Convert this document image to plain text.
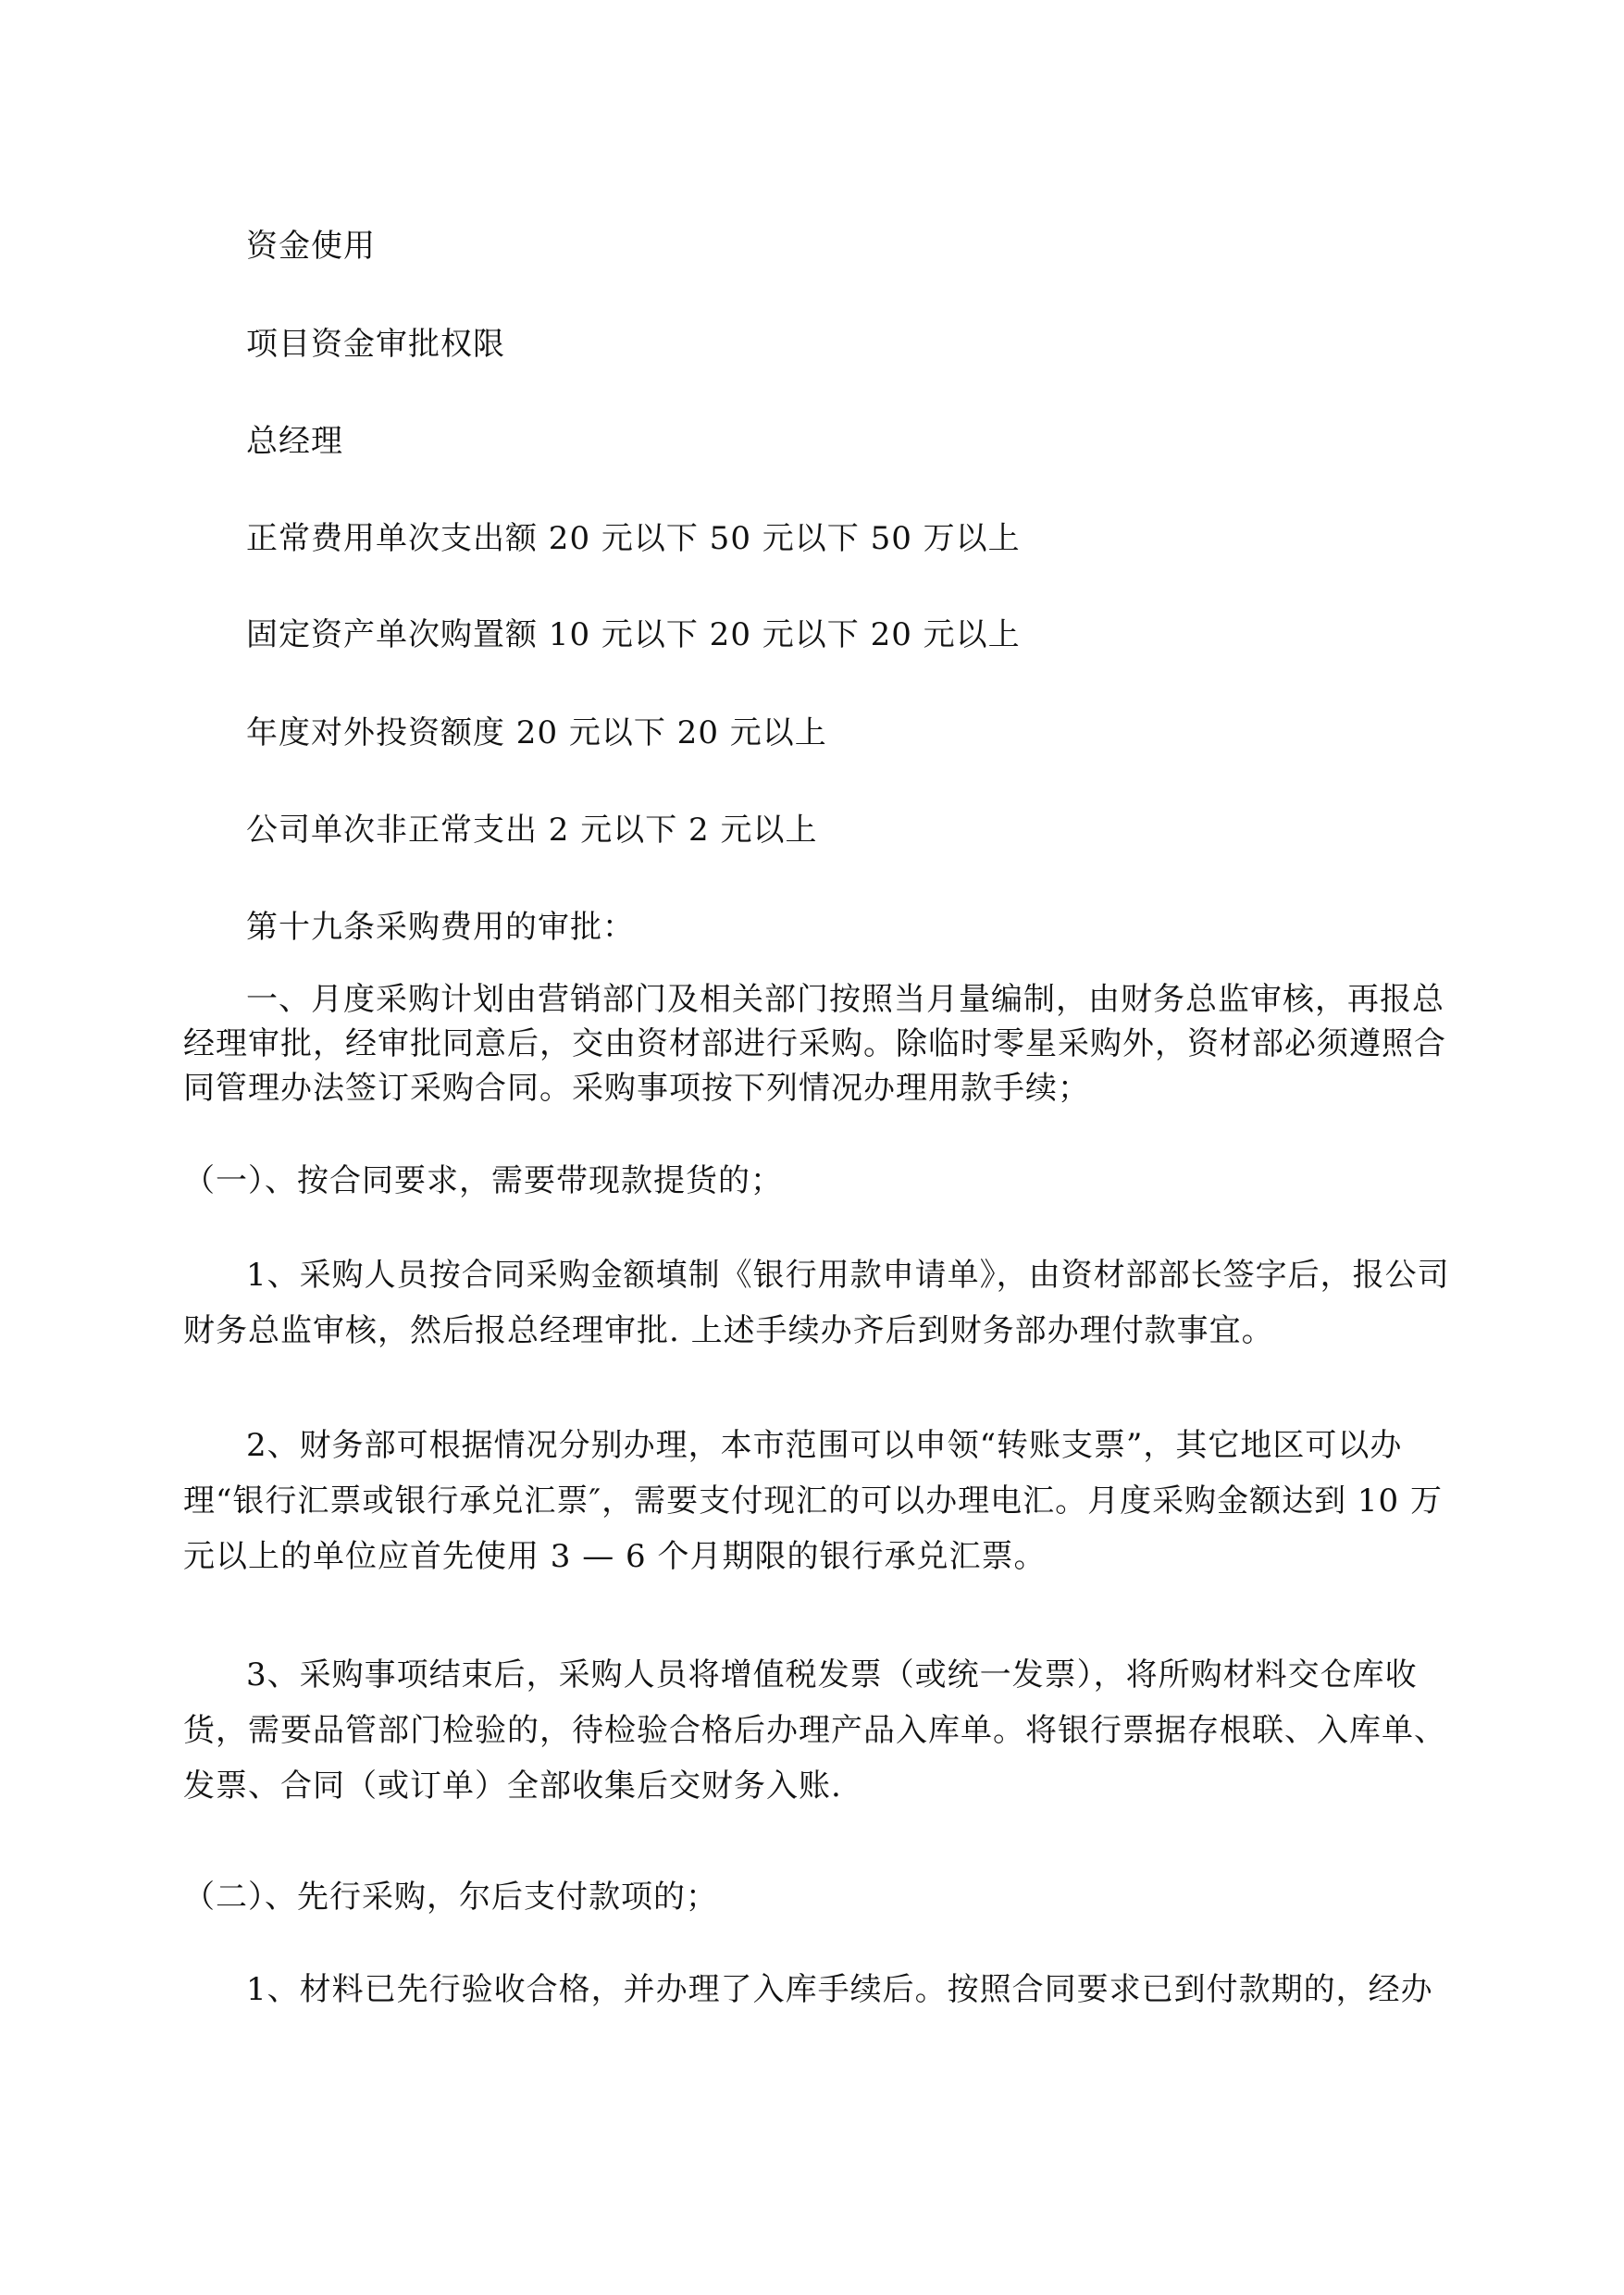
资金使用

项目资金审批权限

总经理

正常费用单次支出额 20 元以下 50 元以下 50 万以上

固定资产单次购置额 10 元以下 20 元以下 20 元以上

年度对外投资额度 20 元以下 20 元以上

公司单次非正常支出 2 元以下 2 元以上

第十九条采购费用的审批：

一、月度采购计划由营销部门及相关部门按照当月量编制，由财务总监审核，再报总经理审批，经审批同意后，交由资材部进行采购。除临时零星采购外，资材部必须遵照合同管理办法签订采购合同。采购事项按下列情况办理用款手续；

（一）、按合同要求，需要带现款提货的；

1、采购人员按合同采购金额填制《银行用款申请单》，由资材部部长签字后，报公司财务总监审核，然后报总经理审批. 上述手续办齐后到财务部办理付款事宜。

2、财务部可根据情况分别办理，本市范围可以申领“转账支票”，其它地区可以办理“银行汇票或银行承兑汇票″，需要支付现汇的可以办理电汇。月度采购金额达到 10 万元以上的单位应首先使用 3 — 6 个月期限的银行承兑汇票。

3、采购事项结束后，采购人员将增值税发票（或统一发票），将所购材料交仓库收货，需要品管部门检验的，待检验合格后办理产品入库单。将银行票据存根联、入库单、发票、合同（或订单）全部收集后交财务入账.

（二）、先行采购，尔后支付款项的；

1、材料已先行验收合格，并办理了入库手续后。按照合同要求已到付款期的，经办
